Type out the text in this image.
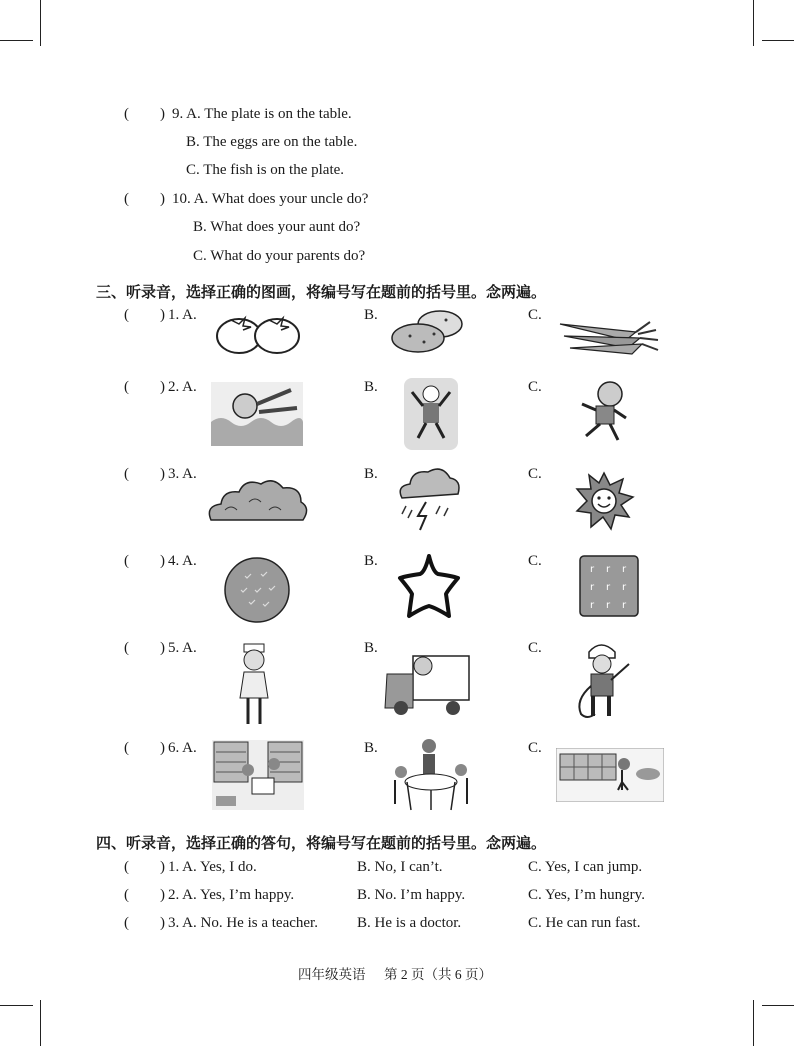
( ) 9. A. The plate is on the table.
B. The eggs are on the table.
C. The fish is on the plate.
( ) 10. A. What does your uncle do?
B. What does your aunt do?
C. What do your parents do?
三、听录音，选择正确的图画，将编号写在题前的括号里。念两遍。
( ) 1. A.	B.	C.
( ) 2. A.	B.	C.
( ) 3. A.	B.	C.
( ) 4. A.	B.	C.
r r r
r r r
r r r
( ) 5. A.	B.	C.
( ) 6. A.	B.	C.
四、听录音，选择正确的答句，将编号写在题前的括号里。念两遍。
( ) 1. A. Yes, I do.	B. No, I can’t.	C. Yes, I can jump.
( ) 2. A. Yes, I’m happy.	B. No. I’m happy.	C. Yes, I’m hungry.
( ) 3. A. No. He is a teacher.	B. He is a doctor.	C. He can run fast.
四年级英语 第 2 页（共 6 页）
